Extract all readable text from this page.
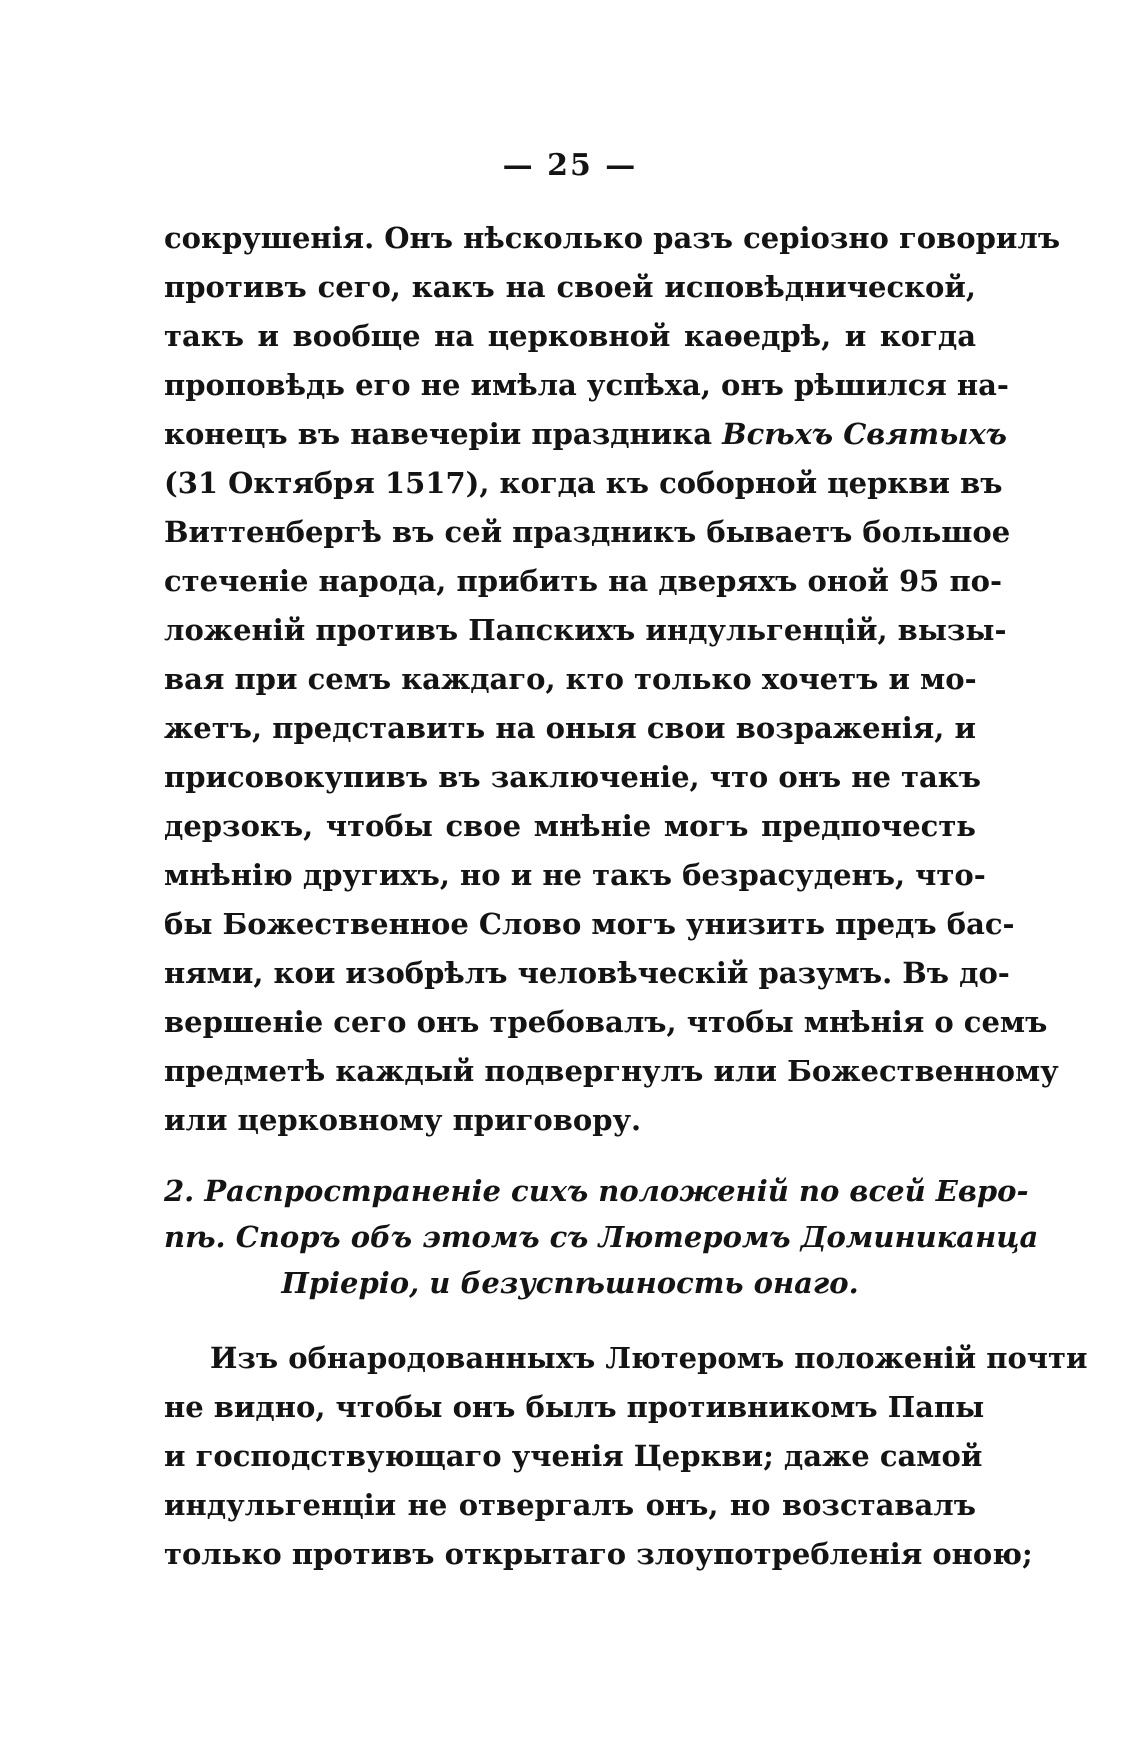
— 25 —
сокрушенія. Онъ нѣсколько разъ серіозно говорилъ
противъ сего, какъ на своей исповѣднической,
такъ и вообще на церковной каѳедрѣ, и когда
проповѣдь его не имѣла успѣха, онъ рѣшился на-
конецъ въ навечеріи праздника Всѣхъ Святыхъ
(31 Октября 1517), когда къ соборной церкви въ
Виттенбергѣ въ сей праздникъ бываетъ большое
стеченіе народа, прибить на дверяхъ оной 95 по-
ложеній противъ Папскихъ индульгенцій, вызы-
вая при семъ каждаго, кто только хочетъ и мо-
жетъ, представить на оныя свои возраженія, и
присовокупивъ въ заключеніе, что онъ не такъ
дерзокъ, чтобы свое мнѣніе могъ предпочесть
мнѣнію другихъ, но и не такъ безрасуденъ, что-
бы Божественное Слово могъ унизить предъ бас-
нями, кои изобрѣлъ человѣческій разумъ. Въ до-
вершеніе сего онъ требовалъ, чтобы мнѣнія о семъ
предметѣ каждый подвергнулъ или Божественному
или церковному приговору.
2. Распространеніе сихъ положеній по всей Евро-
пѣ. Споръ объ этомъ съ Лютеромъ Доминиканца
Пріеріо, и безуспѣшность онаго.
Изъ обнародованныхъ Лютеромъ положеній почти
не видно, чтобы онъ былъ противникомъ Папы
и господствующаго ученія Церкви; даже самой
индульгенціи не отвергалъ онъ, но возставалъ
только противъ открытаго злоупотребленія оною;
